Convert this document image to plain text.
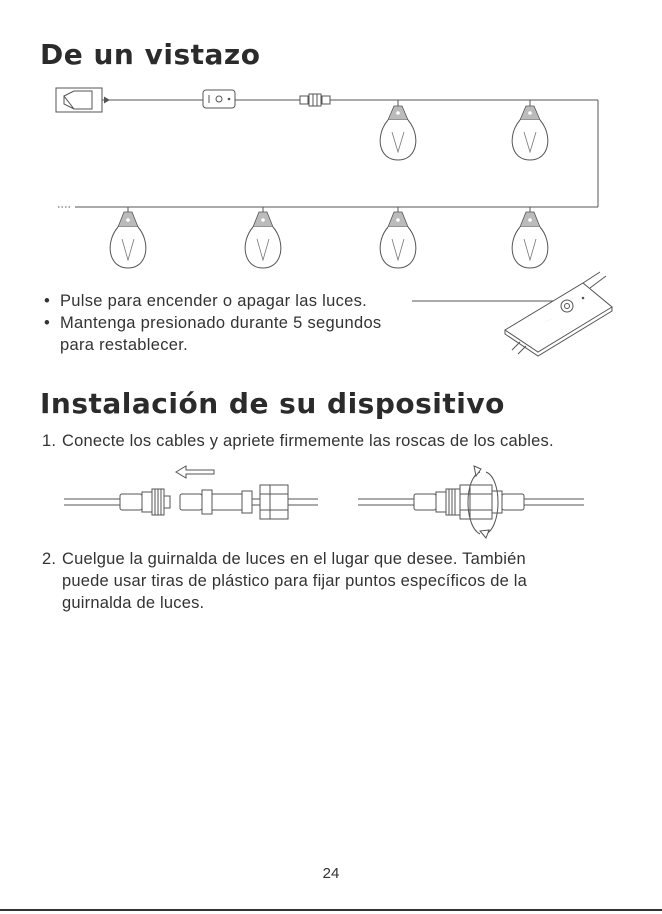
De un vistazo
• Pulse para encender o apagar las luces.
• Mantenga presionado durante 5 segundos
para restablecer.
· · ·
Instalación de su dispositivo
1. Conecte los cables y apriete firmemente las roscas de los cables.
2. Cuelgue la guirnalda de luces en el lugar que desee. También
puede usar tiras de plástico para fijar puntos específicos de la
guirnalda de luces.
24
